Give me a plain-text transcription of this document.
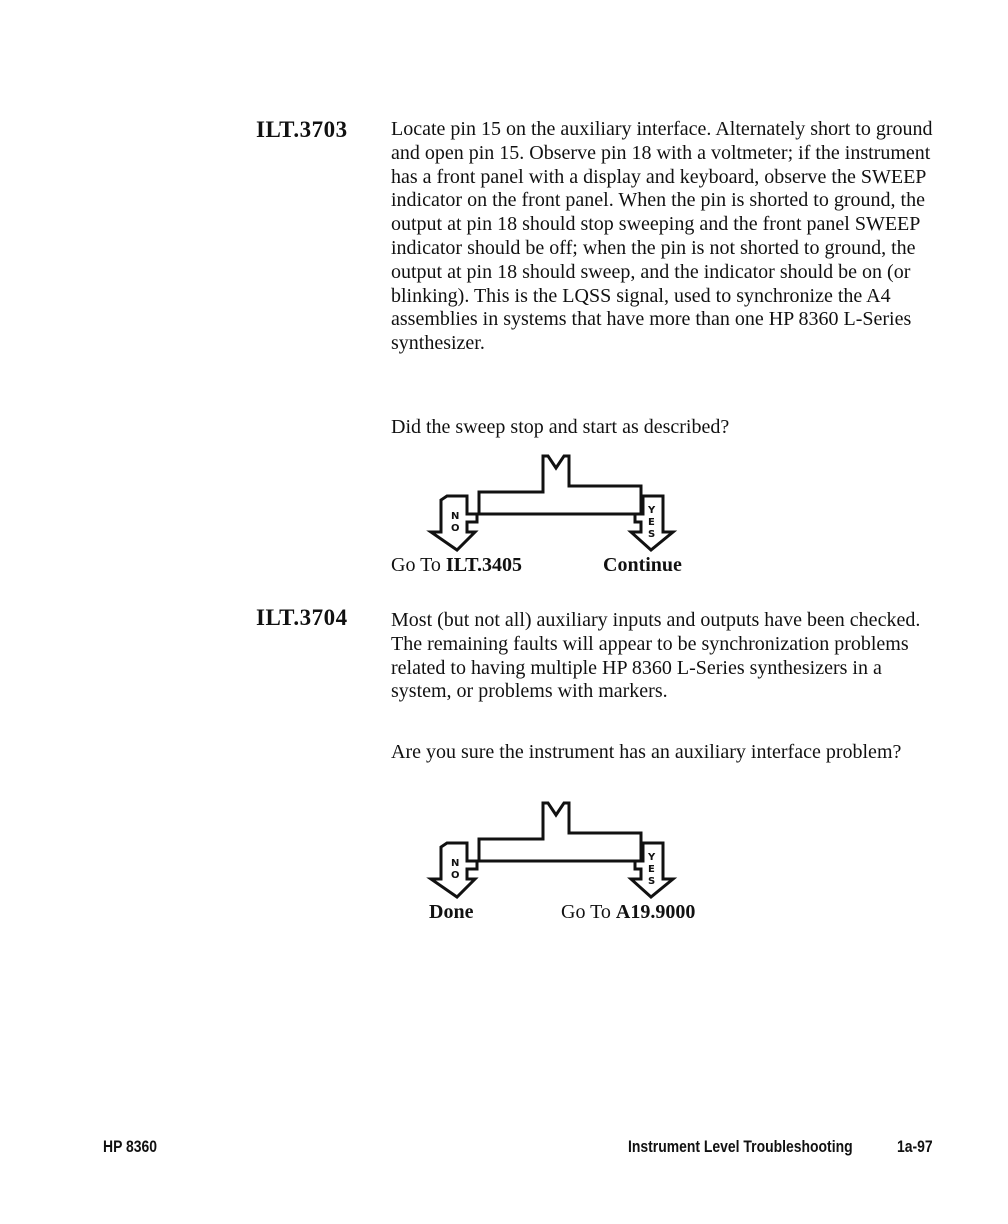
ILT.3703 Locate pin 15 on the auxiliary interface. Alternately short to ground and open pin 15. Observe pin 18 with a voltmeter; if the instrument has a front panel with a display and keyboard, observe the SWEEP indicator on the front panel. When the pin is shorted to ground, the output at pin 18 should stop sweeping and the front panel SWEEP indicator should be off; when the pin is not shorted to ground, the output at pin 18 should sweep, and the indicator should be on (or blinking). This is the LQSS signal, used to synchronize the A4 assemblies in systems that have more than one HP 8360 L-Series synthesizer.

Did the sweep stop and start as described?

N
O
Y
E
S
Go To ILT.3405	Continue
ILT.3704 Most (but not all) auxiliary inputs and outputs have been checked. The remaining faults will appear to be synchronization problems related to having multiple HP 8360 L-Series synthesizers in a system, or problems with markers.

Are you sure the instrument has an auxiliary interface problem?

N
O
Y
E
S
Done	Go To A19.9000
HP 8360	Instrument Level Troubleshooting	1a-97
